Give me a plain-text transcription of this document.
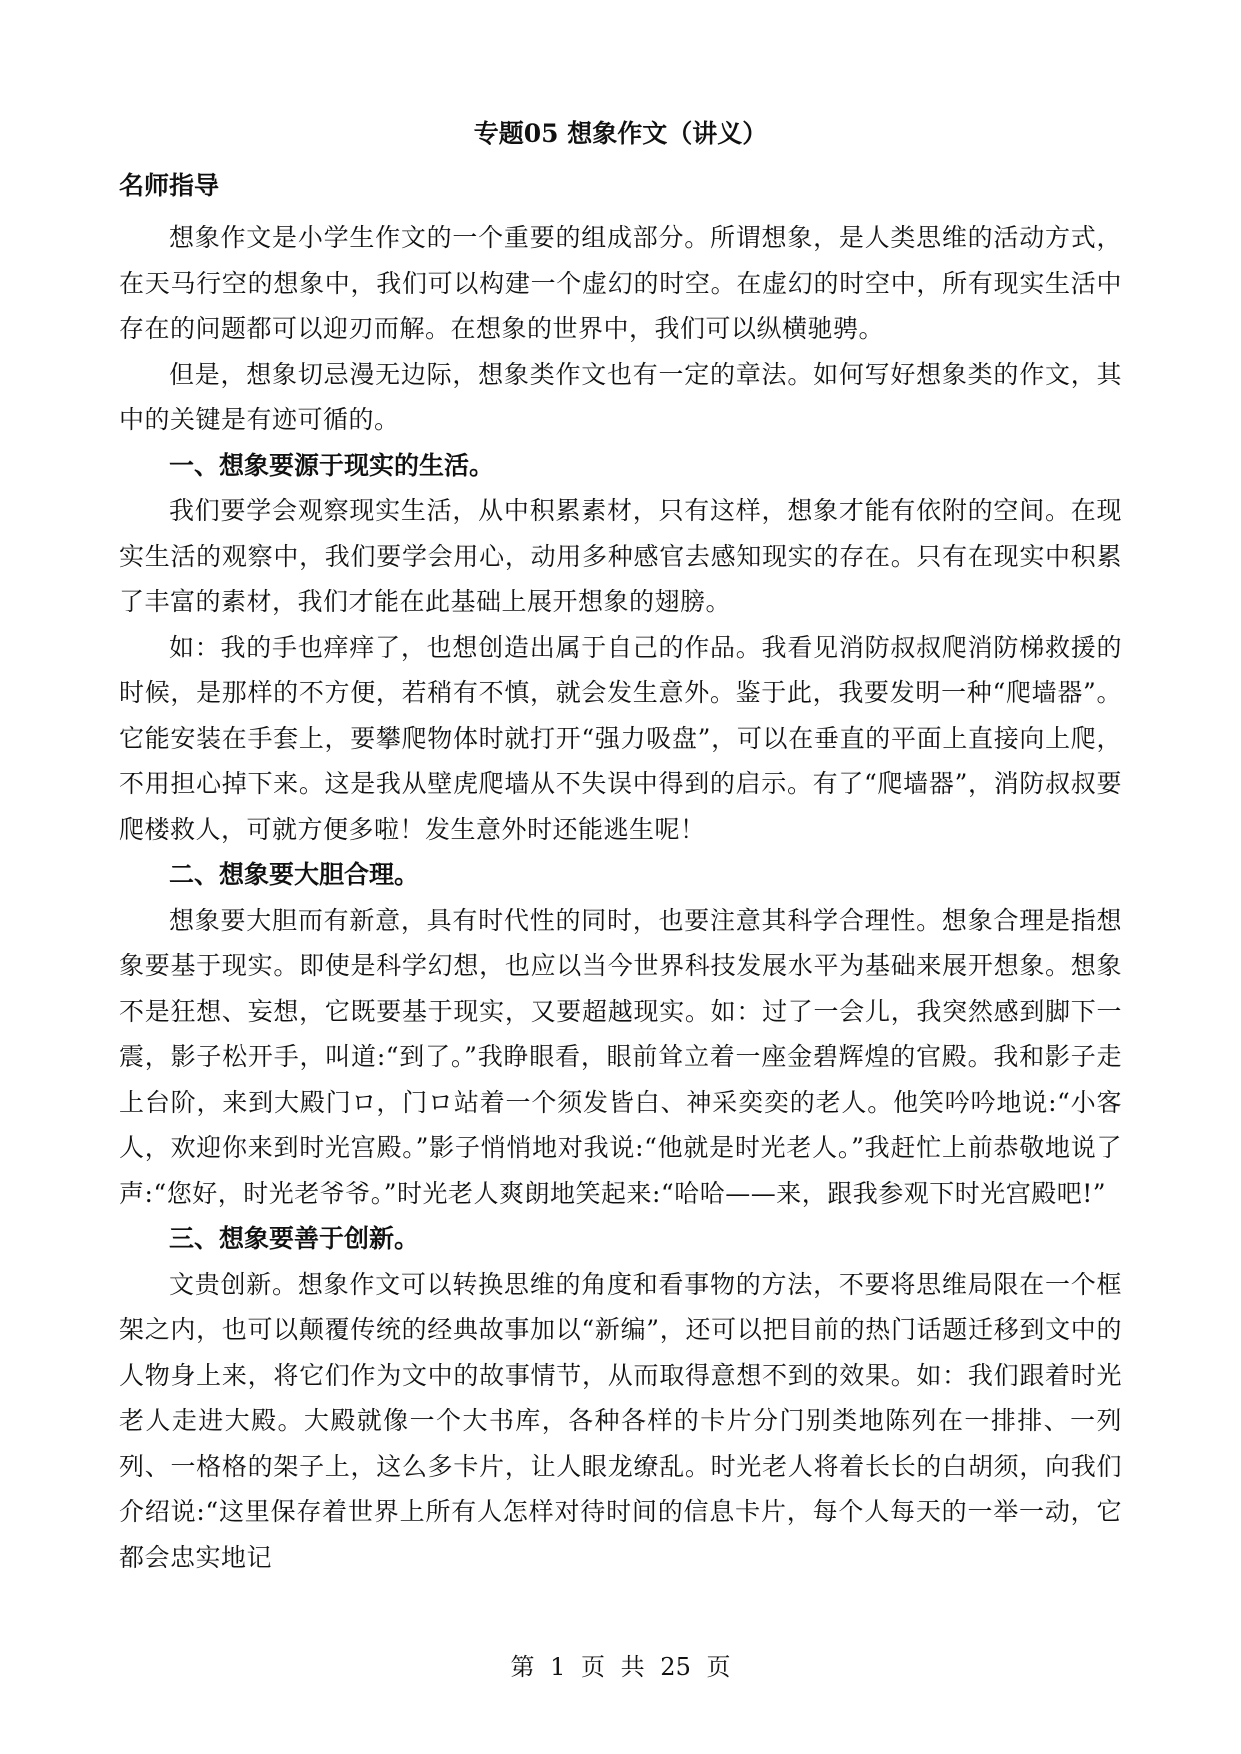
专题05 想象作文（讲义）
名师指导

想象作文是小学生作文的一个重要的组成部分。所谓想象，是人类思维的活动方式，在天马行空的想象中，我们可以构建一个虚幻的时空。在虚幻的时空中，所有现实生活中存在的问题都可以迎刃而解。在想象的世界中，我们可以纵横驰骋。

但是，想象切忌漫无边际，想象类作文也有一定的章法。如何写好想象类的作文，其中的关键是有迹可循的。

一、想象要源于现实的生活。

我们要学会观察现实生活，从中积累素材，只有这样，想象才能有依附的空间。在现实生活的观察中，我们要学会用心，动用多种感官去感知现实的存在。只有在现实中积累了丰富的素材，我们才能在此基础上展开想象的翅膀。

如：我的手也痒痒了，也想创造出属于自己的作品。我看见消防叔叔爬消防梯救援的时候，是那样的不方便，若稍有不慎，就会发生意外。鉴于此，我要发明一种“爬墙器”。它能安装在手套上，要攀爬物体时就打开“强力吸盘”，可以在垂直的平面上直接向上爬，不用担心掉下来。这是我从壁虎爬墙从不失误中得到的启示。有了“爬墙器”，消防叔叔要爬楼救人，可就方便多啦！发生意外时还能逃生呢！

二、想象要大胆合理。

想象要大胆而有新意，具有时代性的同时，也要注意其科学合理性。想象合理是指想象要基于现实。即使是科学幻想，也应以当今世界科技发展水平为基础来展开想象。想象不是狂想、妄想，它既要基于现实，又要超越现实。如：过了一会儿，我突然感到脚下一震，影子松开手，叫道:“到了。”我睁眼看，眼前耸立着一座金碧辉煌的官殿。我和影子走上台阶，来到大殿门ロ，门ロ站着一个须发皆白、神采奕奕的老人。他笑吟吟地说:“小客人，欢迎你来到时光宫殿。”影子悄悄地对我说:“他就是时光老人。”我赶忙上前恭敬地说了声:“您好，时光老爷爷。”时光老人爽朗地笑起来:“哈哈——来，跟我参观下时光宫殿吧!”

三、想象要善于创新。

文贵创新。想象作文可以转换思维的角度和看事物的方法，不要将思维局限在一个框架之内，也可以颠覆传统的经典故事加以“新编”，还可以把目前的热门话题迁移到文中的人物身上来，将它们作为文中的故事情节，从而取得意想不到的效果。如：我们跟着时光老人走进大殿。大殿就像一个大书库，各种各样的卡片分门别类地陈列在一排排、一列列、一格格的架子上，这么多卡片，让人眼龙缭乱。时光老人将着长长的白胡须，向我们介绍说:“这里保存着世界上所有人怎样对待时间的信息卡片，每个人每天的一举一动，它都会忠实地记

第 1 页 共 25 页
